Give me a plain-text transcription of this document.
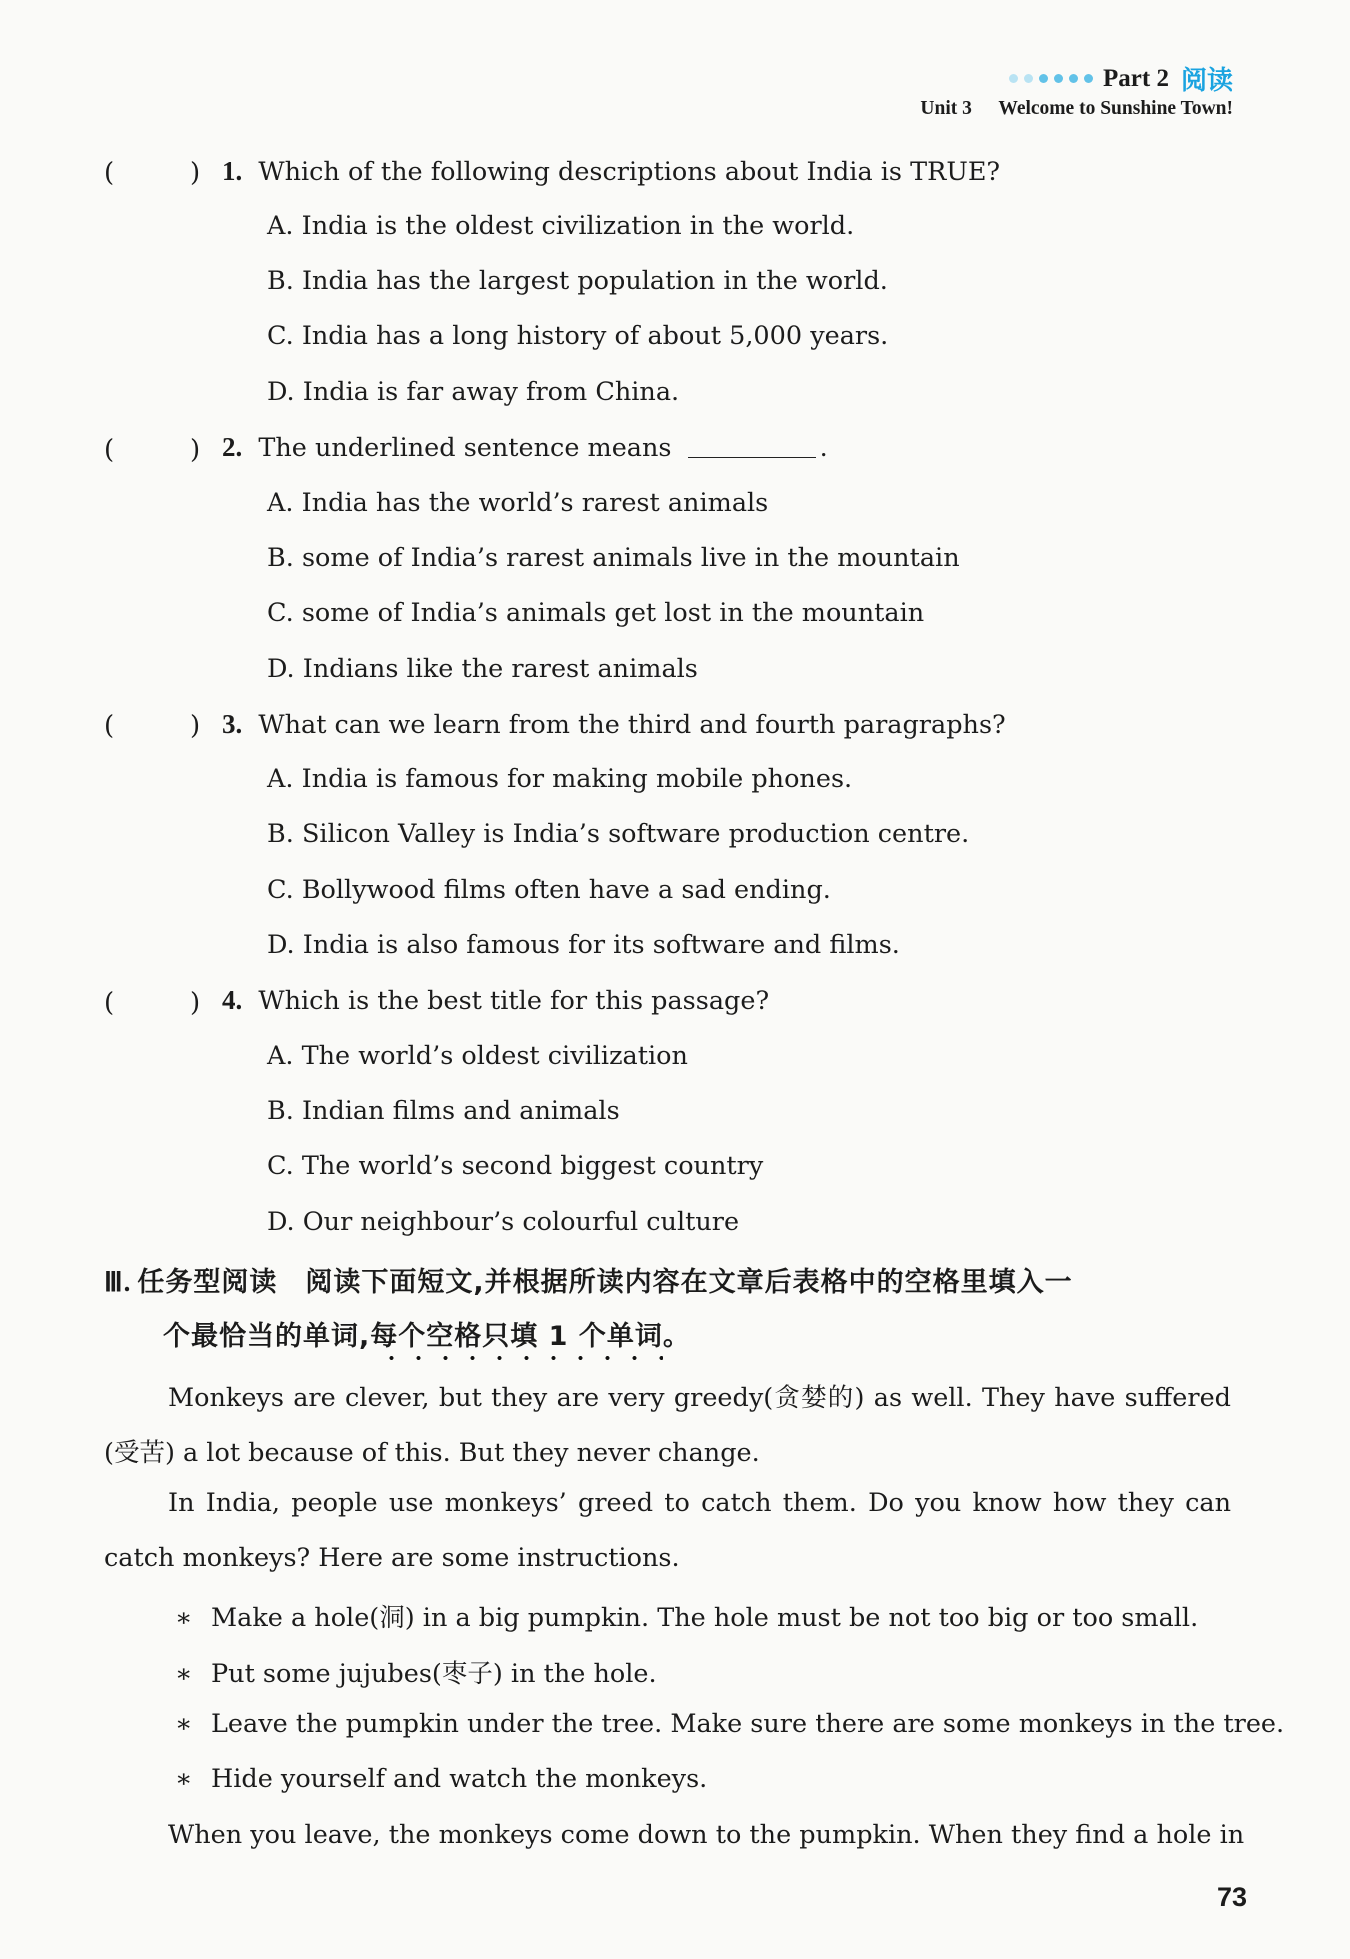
Part 2 阅读
Unit 3 Welcome to Sunshine Town!
(	) 1. Which of the following descriptions about India is TRUE?
A. India is the oldest civilization in the world.
B. India has the largest population in the world.
C. India has a long history of about 5,000 years.
D. India is far away from China.
(	) 2. The underlined sentence means	.
A. India has the world’s rarest animals
B. some of India’s rarest animals live in the mountain
C. some of India’s animals get lost in the mountain
D. Indians like the rarest animals
(	) 3. What can we learn from the third and fourth paragraphs?
A. India is famous for making mobile phones.
B. Silicon Valley is India’s software production centre.
C. Bollywood films often have a sad ending.
D. India is also famous for its software and films.
(	) 4. Which is the best title for this passage?
A. The world’s oldest civilization
B. Indian films and animals
C. The world’s second biggest country
D. Our neighbour’s colourful culture
Ⅲ. 任务型阅读　阅读下面短文,并根据所读内容在文章后表格中的空格里填入一
个最恰当的单词,每个空格只填 1 个单词
。
Monkeys are clever, but they are very greedy(贪婪的) as well. They have suffered
(受苦) a lot because of this. But they never change.
In India, people use monkeys’ greed to catch them. Do you know how they can
catch monkeys? Here are some instructions.
∗ Make a hole(洞) in a big pumpkin. The hole must be not too big or too small.
∗ Put some jujubes(枣子) in the hole.
∗ Leave the pumpkin under the tree. Make sure there are some monkeys in the tree.
∗ Hide yourself and watch the monkeys.
When you leave, the monkeys come down to the pumpkin. When they find a hole in
73
